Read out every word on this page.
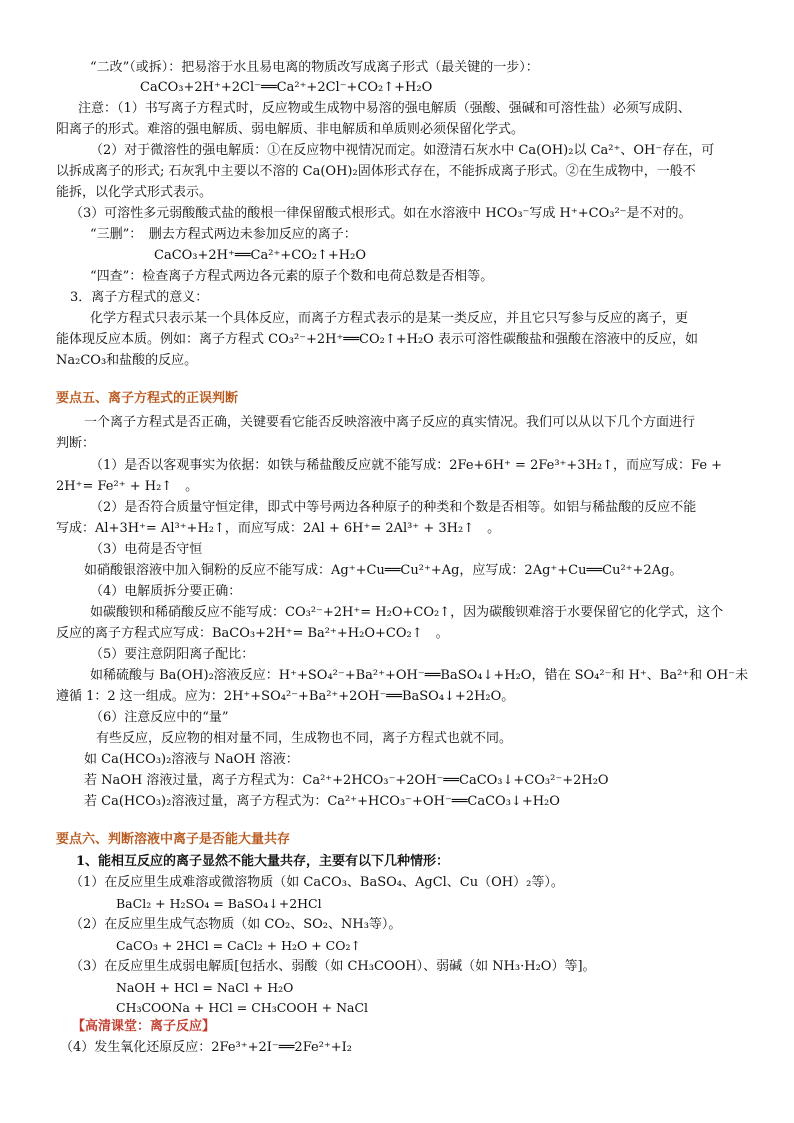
“二改”（或拆）：把易溶于水且易电离的物质改写成离子形式（最关键的一步）：
CaCO₃+2H⁺+2Cl⁻══Ca²⁺+2Cl⁻+CO₂↑+H₂O
注意：（1）书写离子方程式时，反应物或生成物中易溶的强电解质（强酸、强碱和可溶性盐）必须写成阴、
阳离子的形式。难溶的强电解质、弱电解质、非电解质和单质则必须保留化学式。
（2）对于微溶性的强电解质：①在反应物中视情况而定。如澄清石灰水中 Ca(OH)₂以 Ca²⁺、OH⁻存在，可
以拆成离子的形式; 石灰乳中主要以不溶的 Ca(OH)₂固体形式存在，不能拆成离子形式。②在生成物中，一般不
能拆，以化学式形式表示。
（3）可溶性多元弱酸酸式盐的酸根一律保留酸式根形式。如在水溶液中 HCO₃⁻写成 H⁺+CO₃²⁻是不对的。
“三删”：　删去方程式两边未参加反应的离子：
CaCO₃+2H⁺══Ca²⁺+CO₂↑+H₂O
“四查”：检查离子方程式两边各元素的原子个数和电荷总数是否相等。
3．离子方程式的意义：
化学方程式只表示某一个具体反应，而离子方程式表示的是某一类反应，并且它只写参与反应的离子，更
能体现反应本质。例如：离子方程式 CO₃²⁻+2H⁺══CO₂↑+H₂O 表示可溶性碳酸盐和强酸在溶液中的反应，如
Na₂CO₃和盐酸的反应。
要点五、离子方程式的正误判断
一个离子方程式是否正确，关键要看它能否反映溶液中离子反应的真实情况。我们可以从以下几个方面进行
判断：
（1）是否以客观事实为依据：如铁与稀盐酸反应就不能写成：2Fe+6H⁺ = 2Fe³⁺+3H₂↑，而应写成：Fe +
2H⁺= Fe²⁺ + H₂↑　。
（2）是否符合质量守恒定律，即式中等号两边各种原子的种类和个数是否相等。如铝与稀盐酸的反应不能
写成：Al+3H⁺= Al³⁺+H₂↑，而应写成：2Al + 6H⁺= 2Al³⁺ + 3H₂↑　。
（3）电荷是否守恒
如硝酸银溶液中加入铜粉的反应不能写成：Ag⁺+Cu══Cu²⁺+Ag，应写成：2Ag⁺+Cu══Cu²⁺+2Ag。
（4）电解质拆分要正确：
如碳酸钡和稀硝酸反应不能写成：CO₃²⁻+2H⁺= H₂O+CO₂↑，因为碳酸钡难溶于水要保留它的化学式，这个
反应的离子方程式应写成：BaCO₃+2H⁺= Ba²⁺+H₂O+CO₂↑　。
（5）要注意阴阳离子配比：
如稀硫酸与 Ba(OH)₂溶液反应：H⁺+SO₄²⁻+Ba²⁺+OH⁻══BaSO₄↓+H₂O，错在 SO₄²⁻和 H⁺、Ba²⁺和 OH⁻未
遵循 1：2 这一组成。应为：2H⁺+SO₄²⁻+Ba²⁺+2OH⁻══BaSO₄↓+2H₂O。
（6）注意反应中的“量”
有些反应，反应物的相对量不同，生成物也不同，离子方程式也就不同。
如 Ca(HCO₃)₂溶液与 NaOH 溶液：
若 NaOH 溶液过量，离子方程式为：Ca²⁺+2HCO₃⁻+2OH⁻══CaCO₃↓+CO₃²⁻+2H₂O
若 Ca(HCO₃)₂溶液过量，离子方程式为：Ca²⁺+HCO₃⁻+OH⁻══CaCO₃↓+H₂O
要点六、判断溶液中离子是否能大量共存
1、能相互反应的离子显然不能大量共存，主要有以下几种情形：
（1）在反应里生成难溶或微溶物质（如 CaCO₃、BaSO₄、AgCl、Cu（OH）₂等）。
BaCl₂ + H₂SO₄ = BaSO₄↓+2HCl
（2）在反应里生成气态物质（如 CO₂、SO₂、NH₃等）。
CaCO₃ + 2HCl = CaCl₂ + H₂O + CO₂↑
（3）在反应里生成弱电解质[包括水、弱酸（如 CH₃COOH）、弱碱（如 NH₃·H₂O）等]。
NaOH + HCl = NaCl + H₂O
CH₃COONa + HCl = CH₃COOH + NaCl
【高清课堂：离子反应】
（4）发生氧化还原反应：2Fe³⁺+2I⁻══2Fe²⁺+I₂
